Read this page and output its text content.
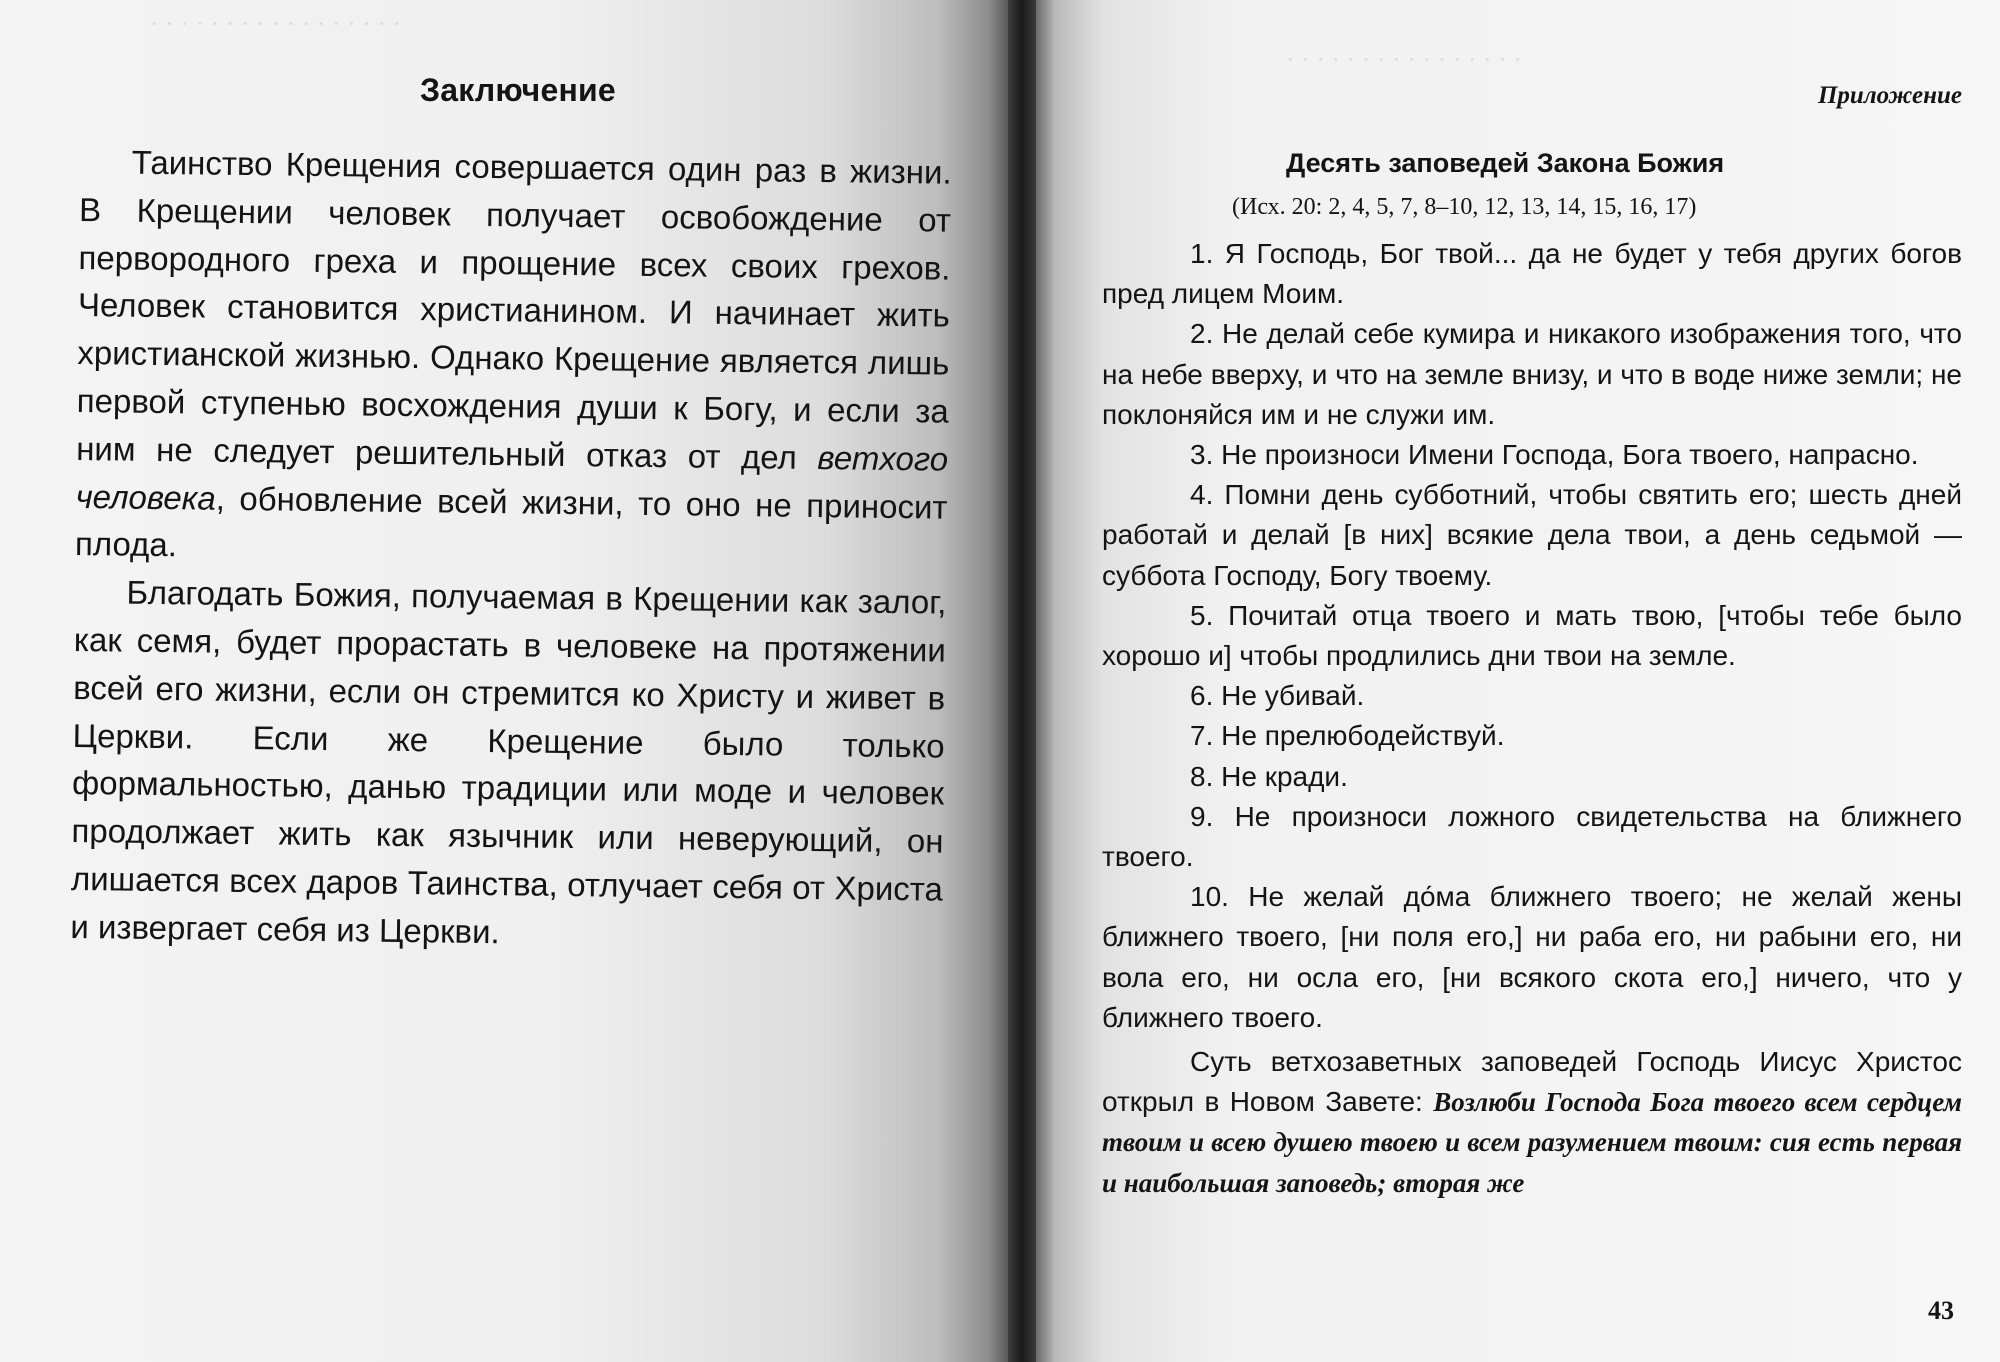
· · · · · · · · · · · · · · · · ·
Заключение

Таинство Крещения совершается один раз в жизни. В Крещении человек получает освобождение от первородного греха и прощение всех своих грехов. Человек становится христианином. И начинает жить христианской жизнью. Однако Крещение является лишь первой ступенью восхождения души к Богу, и если за ним не следует решительный отказ от дел ветхого человека, обновление всей жизни, то оно не приносит плода.

Благодать Божия, получаемая в Крещении как залог, как семя, будет прорастать в человеке на протяжении всей его жизни, если он стремится ко Христу и живет в Церкви. Если же Крещение было только формальностью, данью традиции или моде и человек продолжает жить как язычник или неверующий, он лишается всех даров Таинства, отлучает себя от Христа и извергает себя из Церкви.

· · · · · · · · · · · · · · · ·
Приложение
Десять заповедей Закона Божия
(Исх. 20: 2, 4, 5, 7, 8–10, 12, 13, 14, 15, 16, 17)

1. Я Господь, Бог твой... да не будет у тебя других богов пред лицем Моим.

2. Не делай себе кумира и никакого изображения того, что на небе вверху, и что на земле внизу, и что в воде ниже земли; не поклоняйся им и не служи им.

3. Не произноси Имени Господа, Бога твоего, напрасно.

4. Помни день субботний, чтобы святить его; шесть дней работай и делай [в них] всякие дела твои, а день седьмой — суббота Господу, Богу твоему.

5. Почитай отца твоего и мать твою, [чтобы тебе было хорошо и] чтобы продлились дни твои на земле.

6. Не убивай.

7. Не прелюбодействуй.

8. Не кради.

9. Не произноси ложного свидетельства на ближнего твоего.

10. Не желай до́ма ближнего твоего; не желай жены ближнего твоего, [ни поля его,] ни раба его, ни рабыни его, ни вола его, ни осла его, [ни всякого скота его,] ничего, что у ближнего твоего.

Суть ветхозаветных заповедей Господь Иисус Христос открыл в Новом Завете: Возлюби Господа Бога твоего всем сердцем твоим и всею душею твоею и всем разумением твоим: сия есть первая и наибольшая заповедь; вторая же

43
